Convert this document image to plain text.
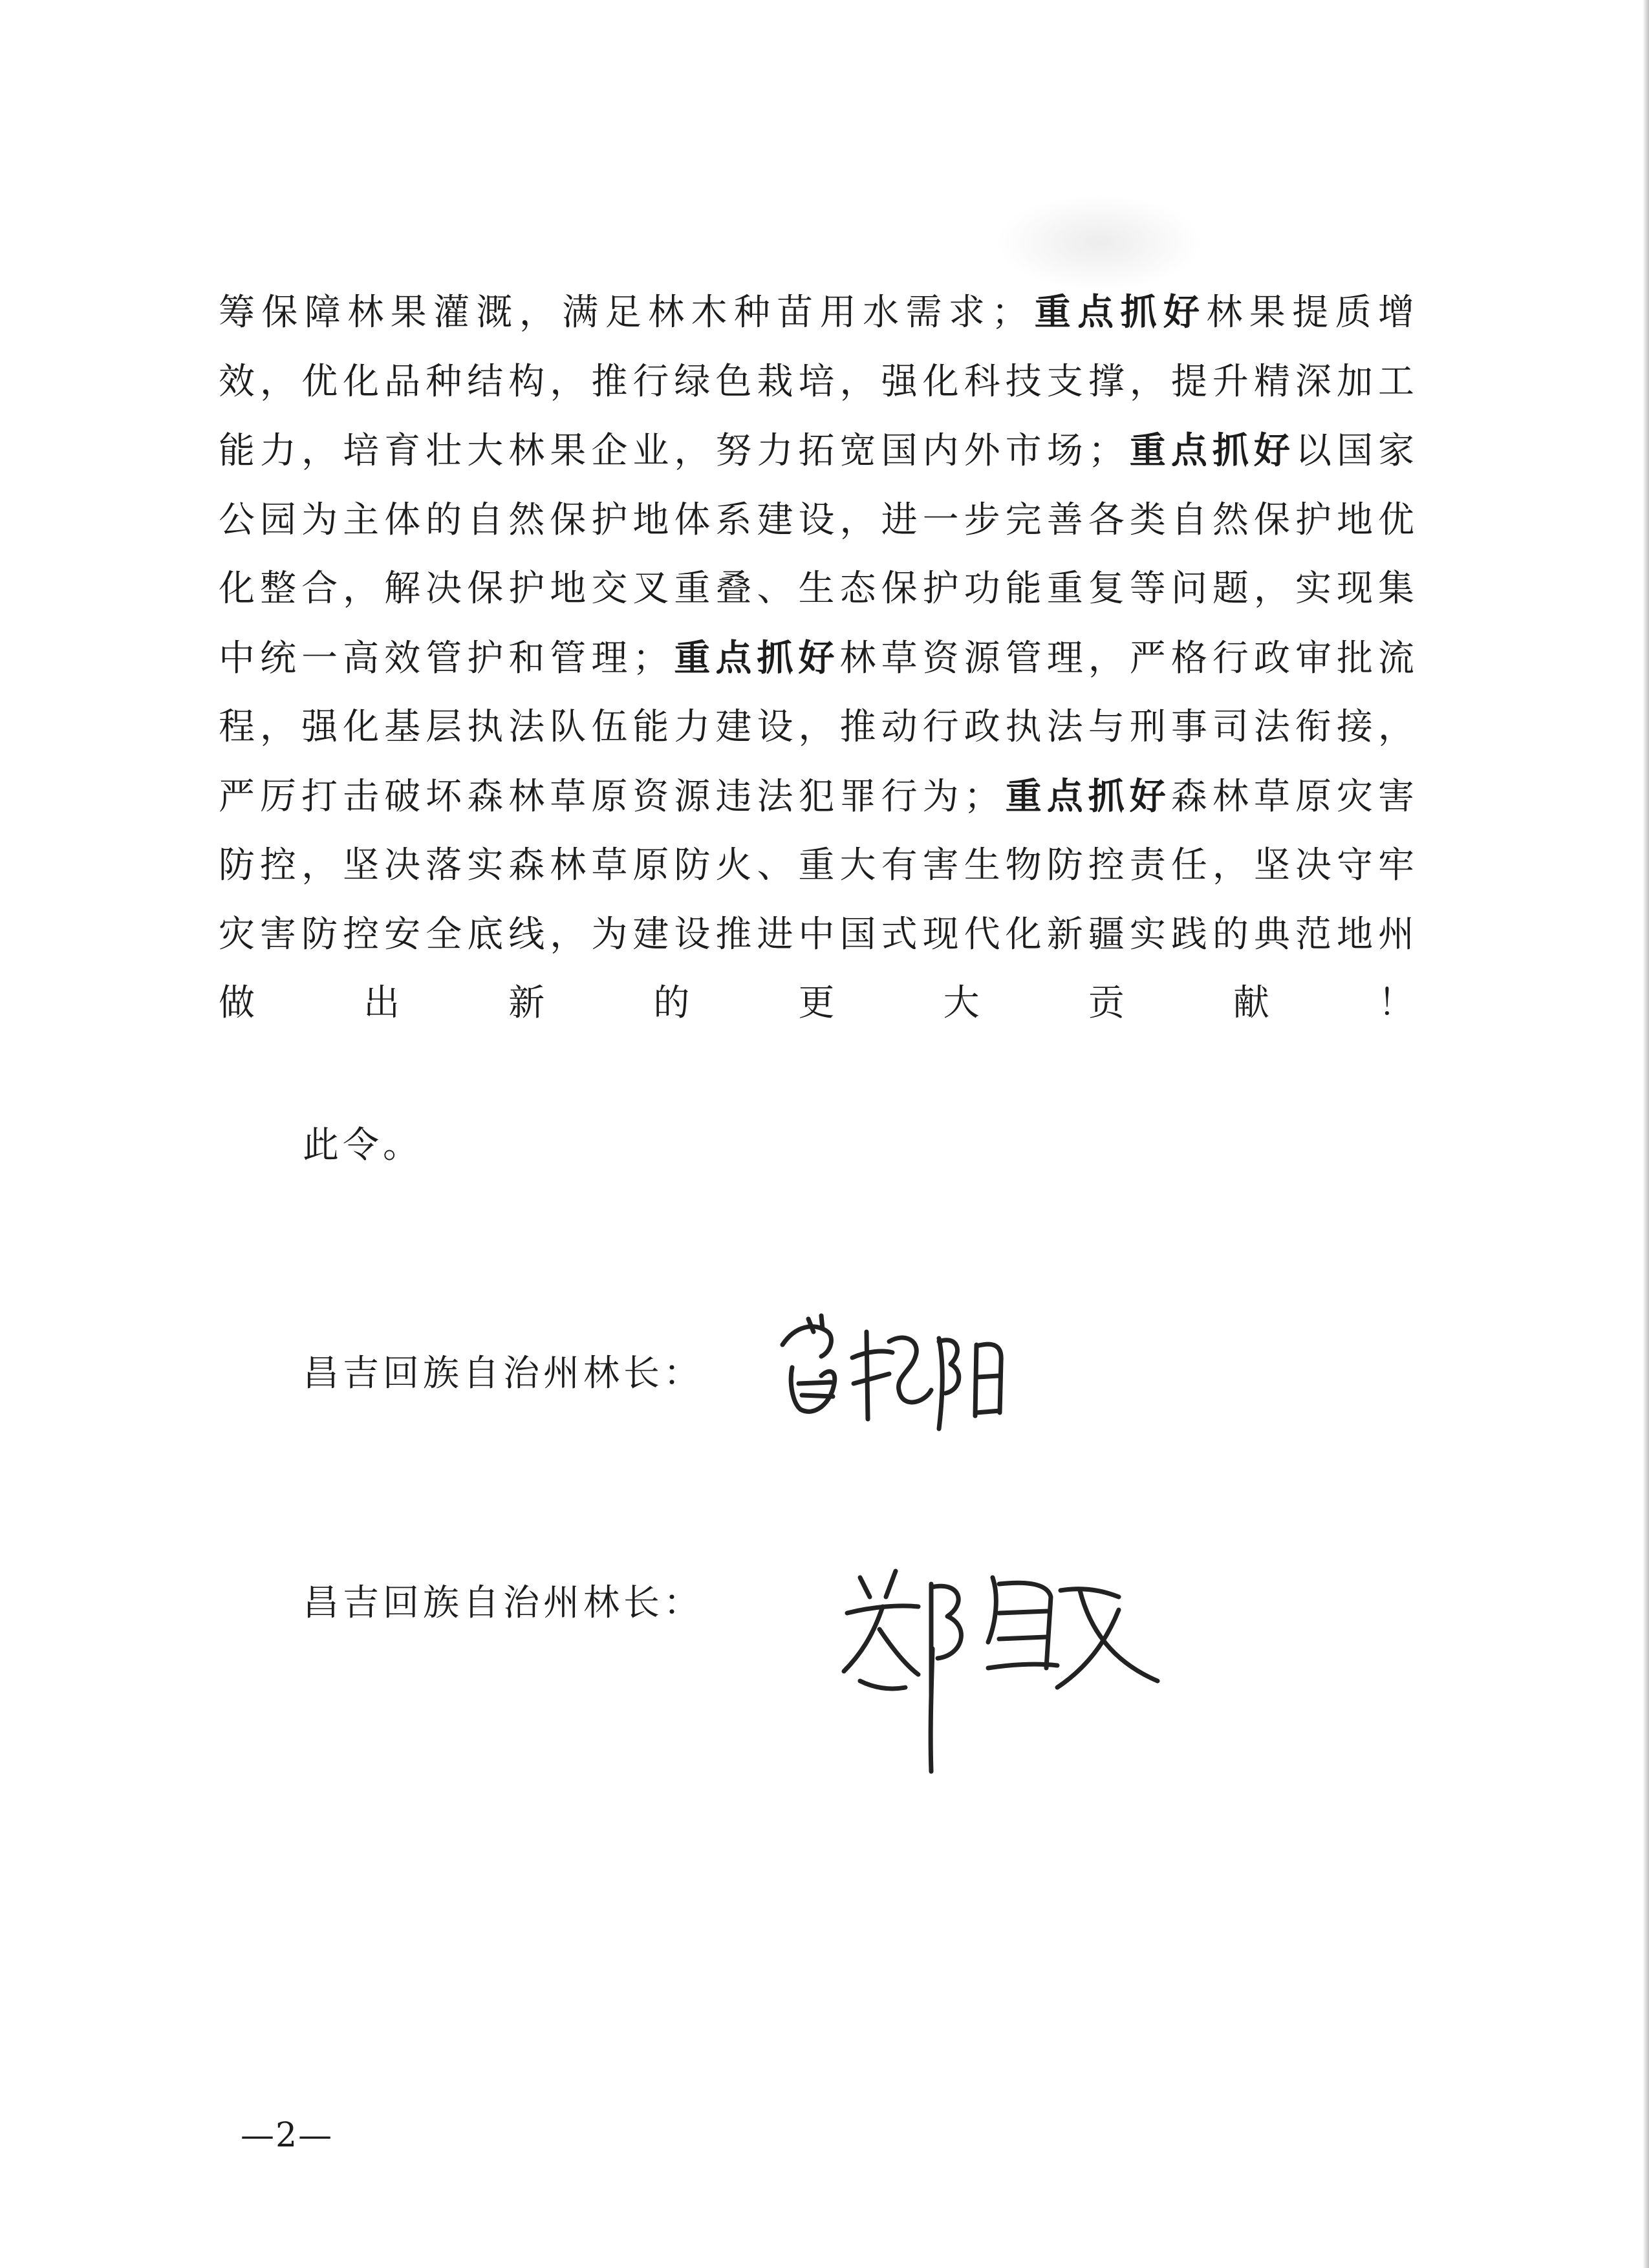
筹保障林果灌溉，满足林木种苗用水需求；重点抓好林果提质增效，优化品种结构，推行绿色栽培，强化科技支撑，提升精深加工能力，培育壮大林果企业，努力拓宽国内外市场；重点抓好以国家公园为主体的自然保护地体系建设，进一步完善各类自然保护地优化整合，解决保护地交叉重叠、生态保护功能重复等问题，实现集中统一高效管护和管理；重点抓好林草资源管理，严格行政审批流程，强化基层执法队伍能力建设，推动行政执法与刑事司法衔接，严厉打击破坏森林草原资源违法犯罪行为；重点抓好森林草原灾害防控，坚决落实森林草原防火、重大有害生物防控责任，坚决守牢灾害防控安全底线，为建设推进中国式现代化新疆实践的典范地州做出新的更大贡献！

此令。

昌吉回族自治州林长：

昌吉回族自治州林长：

—2—
